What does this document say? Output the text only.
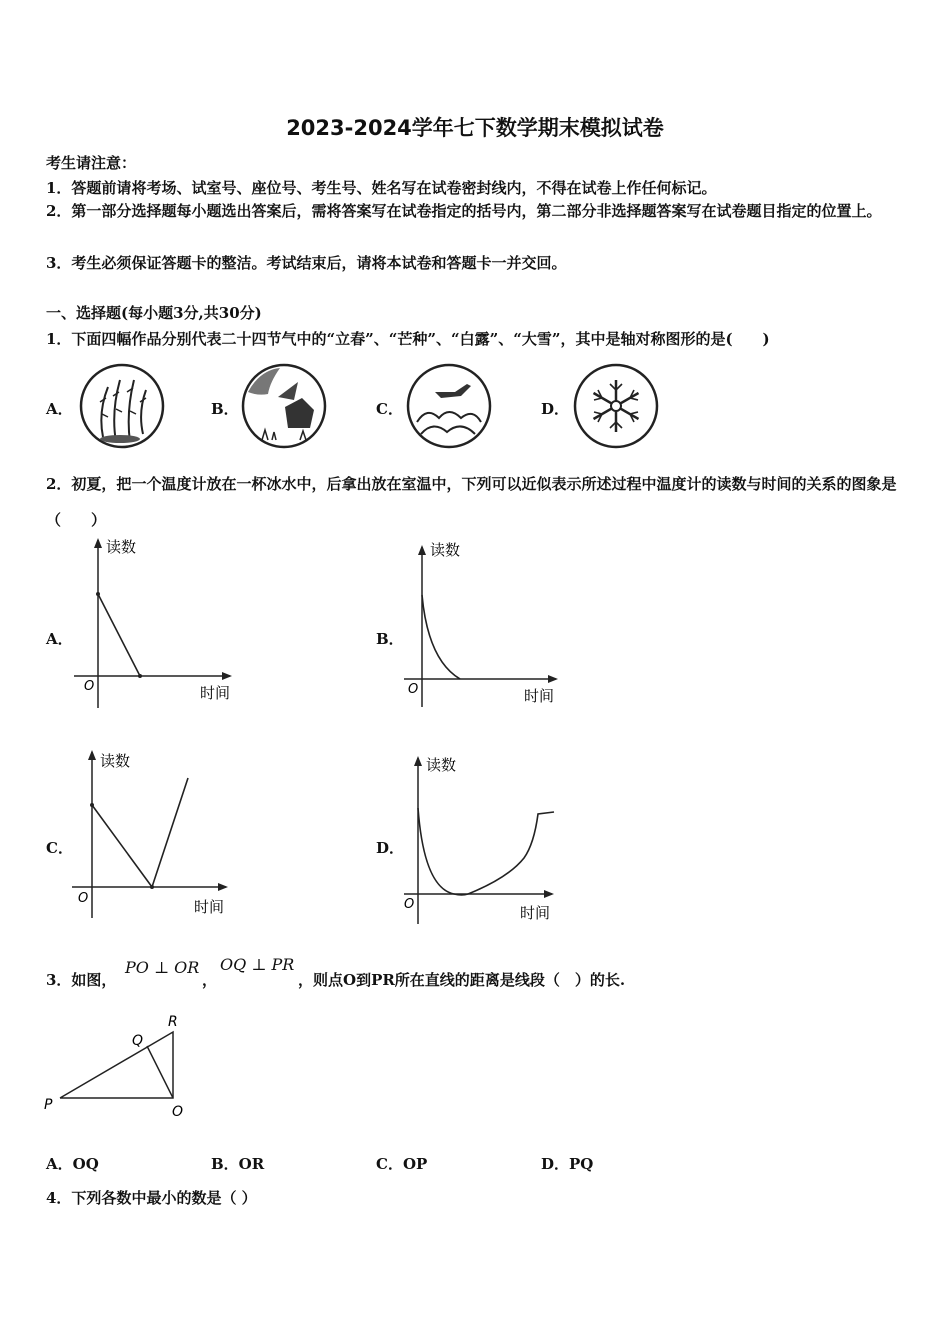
2023-2024学年七下数学期末模拟试卷
考生请注意：
1．答题前请将考场、试室号、座位号、考生号、姓名写在试卷密封线内，不得在试卷上作任何标记。
2．第一部分选择题每小题选出答案后，需将答案写在试卷指定的括号内，第二部分非选择题答案写在试卷题目指定的位置上。
3．考生必须保证答题卡的整洁。考试结束后，请将本试卷和答题卡一并交回。
一、选择题(每小题3分,共30分)
1．下面四幅作品分别代表二十四节气中的“立春”、“芒种”、“白露”、“大雪”，其中是轴对称图形的是(　　)
A．	B．	C．	D．
2．初夏，把一个温度计放在一杯冰水中，后拿出放在室温中，下列可以近似表示所述过程中温度计的读数与时间的关系的图象是（　　）
A．
读数
时间
O
B．
读数
时间
O
C．
读数
时间
O
D．
读数
时间
O
3．如图，
PO ⊥ OR
，
OQ ⊥ PR
，则点O到PR所在直线的距离是线段（　）的长.
P
Q
R
O
A．OQ	B．OR	C．OP	D．PQ
4．下列各数中最小的数是（ ）
